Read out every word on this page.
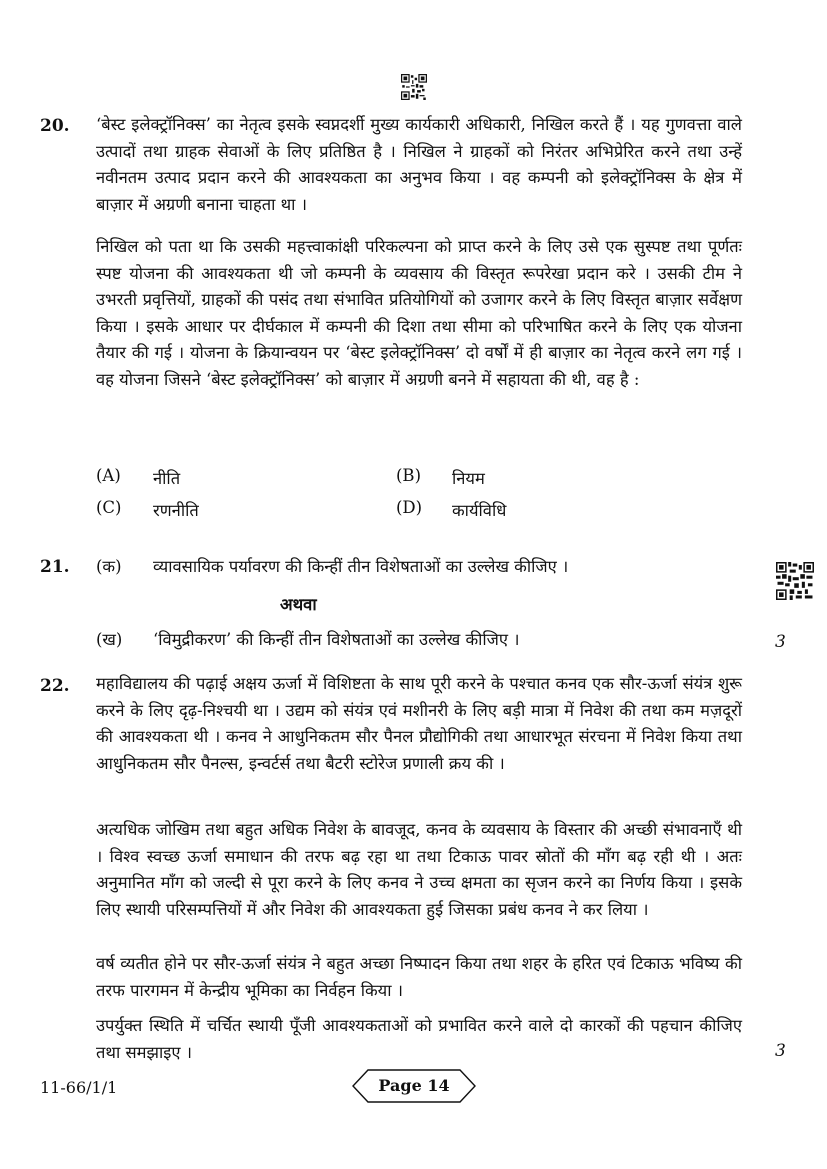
20. ‘बेस्ट इलेक्ट्रॉनिक्स’ का नेतृत्व इसके स्वप्नदर्शी मुख्य कार्यकारी अधिकारी, निखिल करते हैं । यह गुणवत्ता वाले उत्पादों तथा ग्राहक सेवाओं के लिए प्रतिष्ठित है । निखिल ने ग्राहकों को निरंतर अभिप्रेरित करने तथा उन्हें नवीनतम उत्पाद प्रदान करने की आवश्यकता का अनुभव किया । वह कम्पनी को इलेक्ट्रॉनिक्स के क्षेत्र में बाज़ार में अग्रणी बनाना चाहता था ।

निखिल को पता था कि उसकी महत्त्वाकांक्षी परिकल्पना को प्राप्त करने के लिए उसे एक सुस्पष्ट तथा पूर्णतः स्पष्ट योजना की आवश्यकता थी जो कम्पनी के व्यवसाय की विस्तृत रूपरेखा प्रदान करे । उसकी टीम ने उभरती प्रवृत्तियों, ग्राहकों की पसंद तथा संभावित प्रतियोगियों को उजागर करने के लिए विस्तृत बाज़ार सर्वेक्षण किया । इसके आधार पर दीर्घकाल में कम्पनी की दिशा तथा सीमा को परिभाषित करने के लिए एक योजना तैयार की गई । योजना के क्रियान्वयन पर ‘बेस्ट इलेक्ट्रॉनिक्स’ दो वर्षों में ही बाज़ार का नेतृत्व करने लग गई । वह योजना जिसने ‘बेस्ट इलेक्ट्रॉनिक्स’ को बाज़ार में अग्रणी बनने में सहायता की थी, वह है :

(A) नीति	(B) नियम
(C) रणनीति	(D) कार्यविधि
21. (क) व्यावसायिक पर्यावरण की किन्हीं तीन विशेषताओं का उल्लेख कीजिए ।
अथवा
(ख) ‘विमुद्रीकरण’ की किन्हीं तीन विशेषताओं का उल्लेख कीजिए ।	3
22. महाविद्यालय की पढ़ाई अक्षय ऊर्जा में विशिष्टता के साथ पूरी करने के पश्चात कनव एक सौर-ऊर्जा संयंत्र शुरू करने के लिए दृढ़-निश्चयी था । उद्यम को संयंत्र एवं मशीनरी के लिए बड़ी मात्रा में निवेश की तथा कम मज़दूरों की आवश्यकता थी । कनव ने आधुनिकतम सौर पैनल प्रौद्योगिकी तथा आधारभूत संरचना में निवेश किया तथा आधुनिकतम सौर पैनल्स, इन्वर्टर्स तथा बैटरी स्टोरेज प्रणाली क्रय की ।

अत्यधिक जोखिम तथा बहुत अधिक निवेश के बावजूद, कनव के व्यवसाय के विस्तार की अच्छी संभावनाएँ थी । विश्व स्वच्छ ऊर्जा समाधान की तरफ बढ़ रहा था तथा टिकाऊ पावर स्रोतों की माँग बढ़ रही थी । अतः अनुमानित माँग को जल्दी से पूरा करने के लिए कनव ने उच्च क्षमता का सृजन करने का निर्णय किया । इसके लिए स्थायी परिसम्पत्तियों में और निवेश की आवश्यकता हुई जिसका प्रबंध कनव ने कर लिया ।

वर्ष व्यतीत होने पर सौर-ऊर्जा संयंत्र ने बहुत अच्छा निष्पादन किया तथा शहर के हरित एवं टिकाऊ भविष्य की तरफ पारगमन में केन्द्रीय भूमिका का निर्वहन किया ।

उपर्युक्त स्थिति में चर्चित स्थायी पूँजी आवश्यकताओं को प्रभावित करने वाले दो कारकों की पहचान कीजिए तथा समझाइए ।	3
11-66/1/1	Page 14
